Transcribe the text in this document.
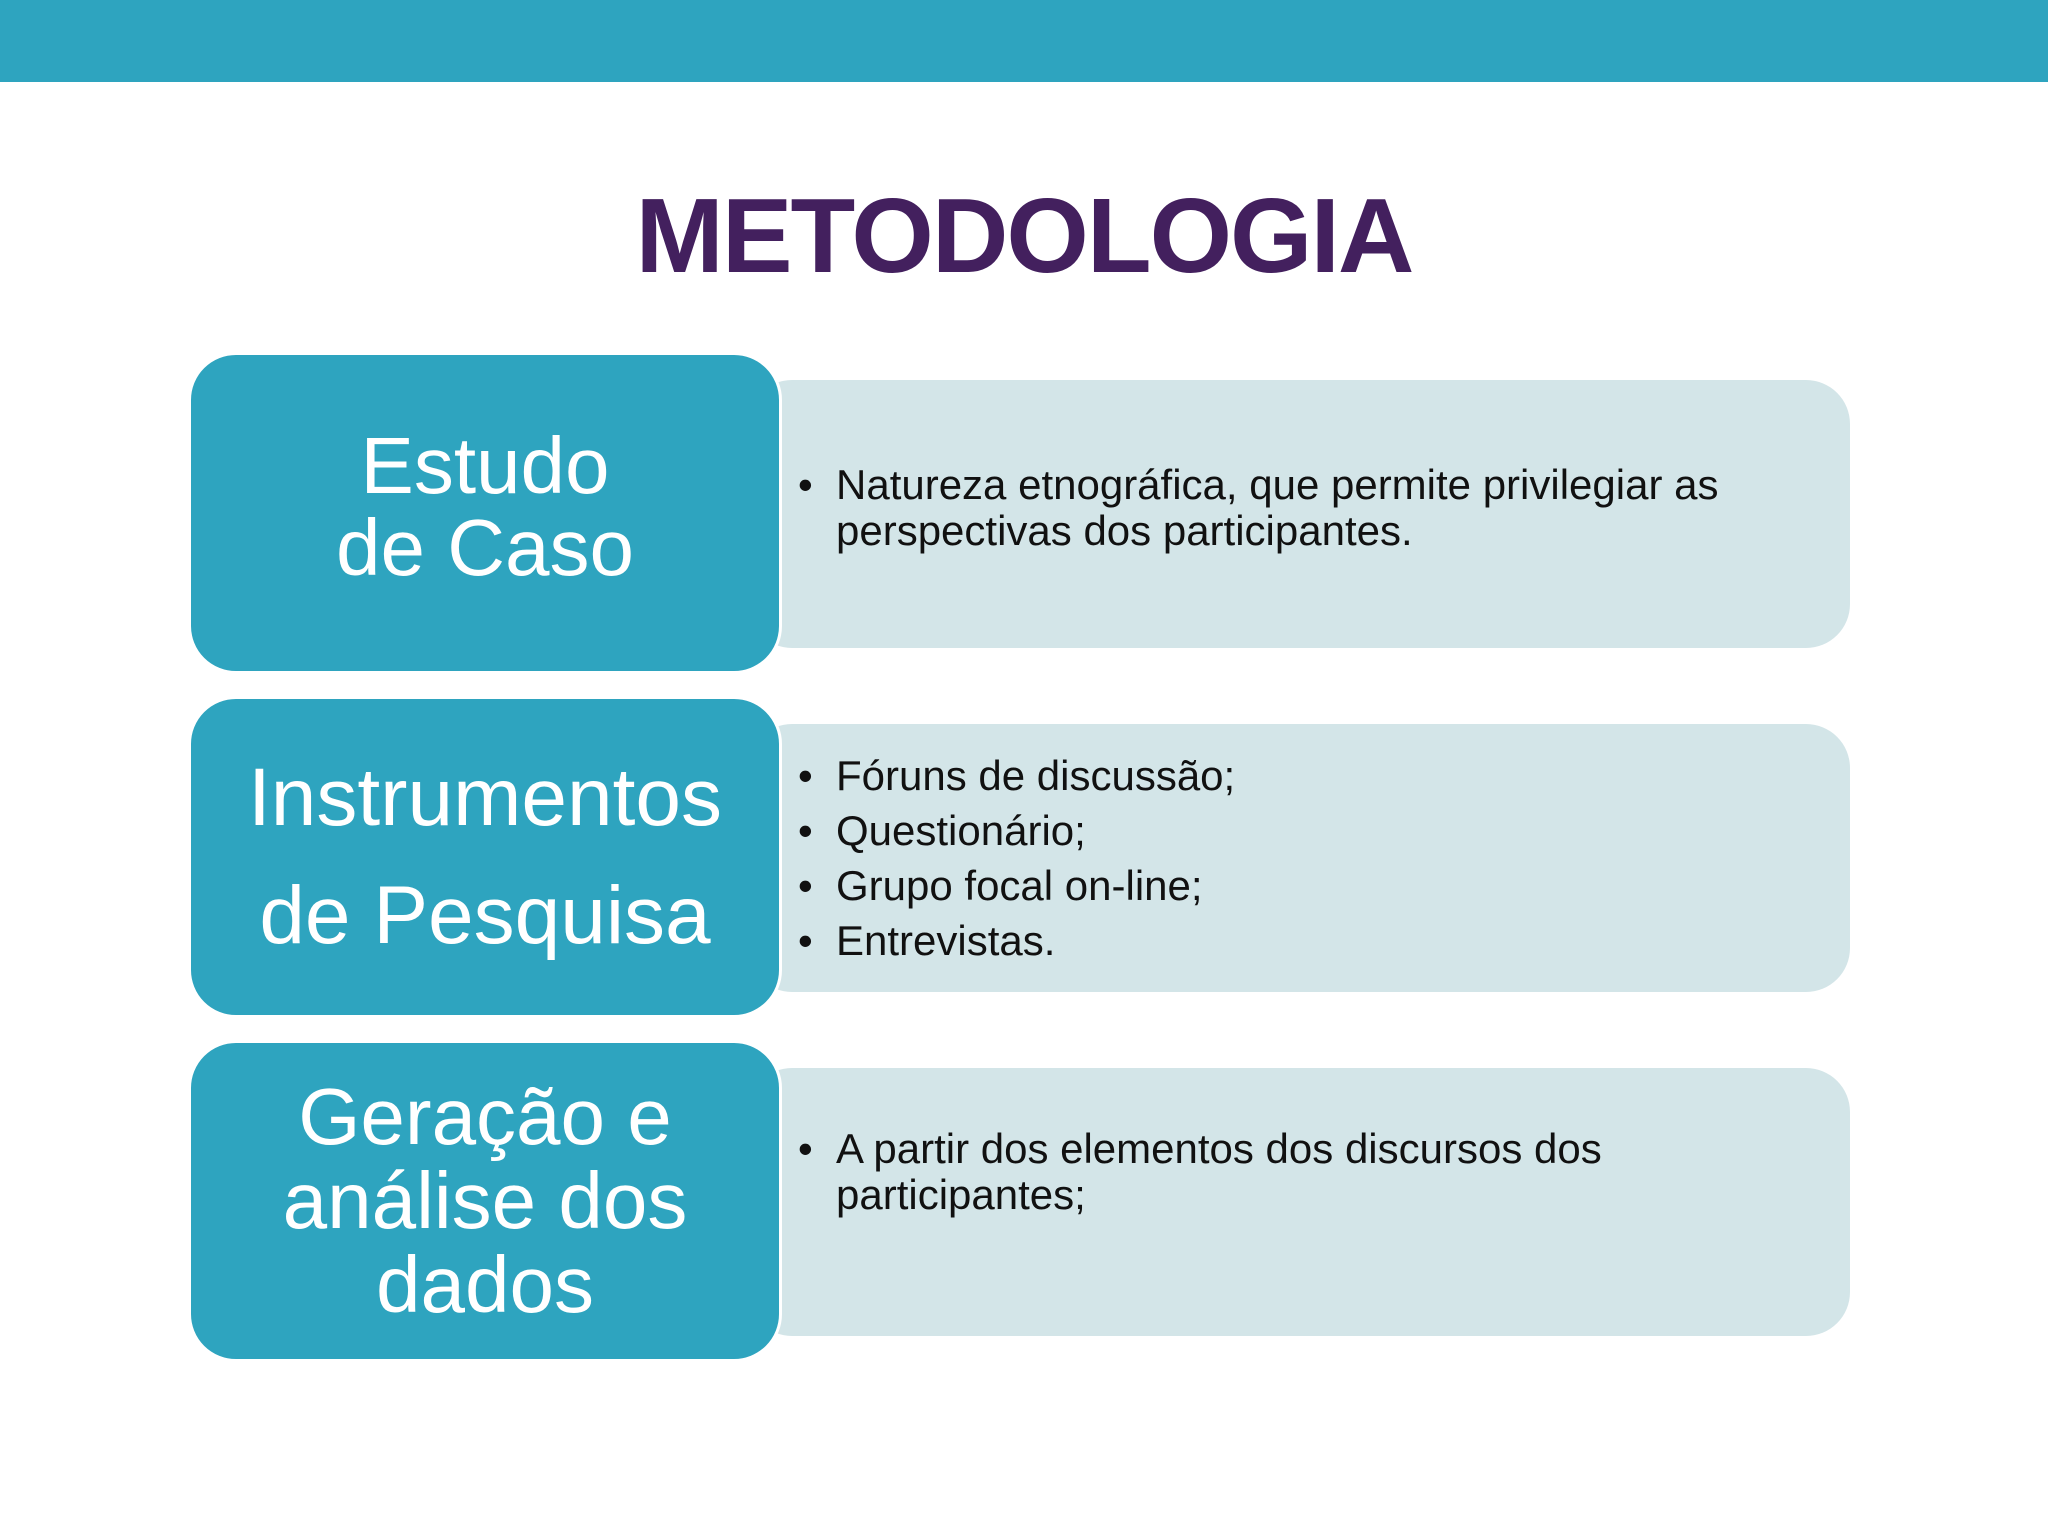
METODOLOGIA
Estudo
de Caso
• Natureza etnográfica, que permite privilegiar as perspectivas dos participantes.
Instrumentos
de Pesquisa
• Fóruns de discussão;
• Questionário;
• Grupo focal on-line;
• Entrevistas.
Geração e
análise dos
dados
• A partir dos elementos dos discursos dos participantes;
